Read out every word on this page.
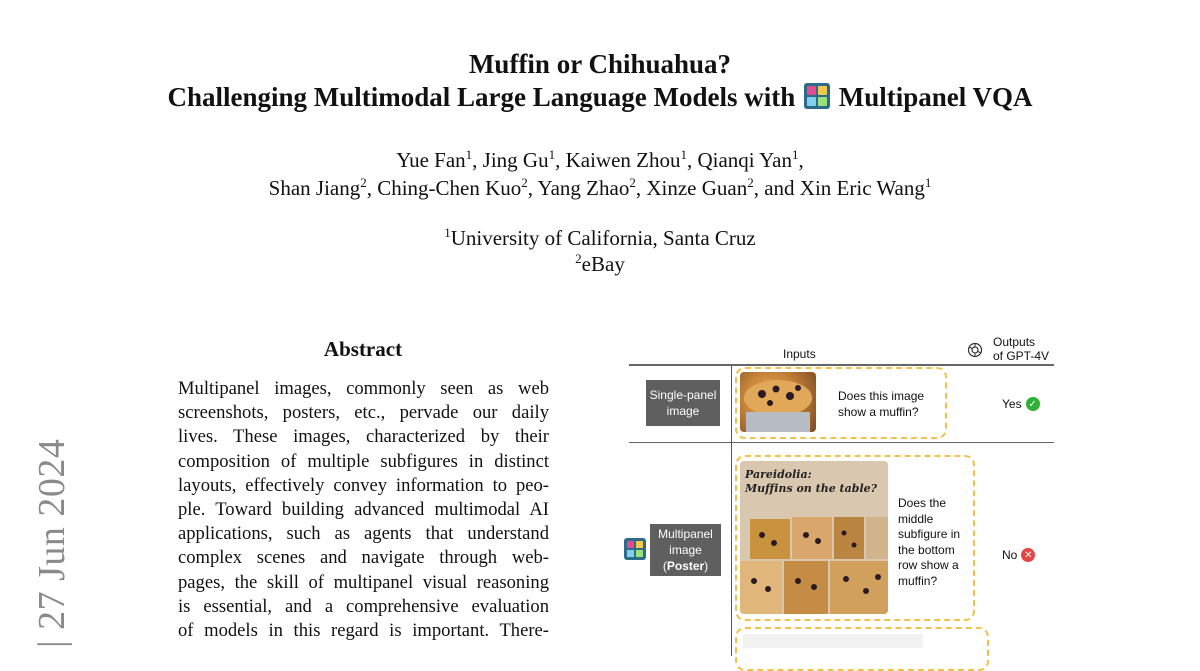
Muffin or Chihuahua?
Challenging Multimodal Large Language Models with Multipanel VQA
Yue Fan$^1$, Jing Gu$^1$, Kaiwen Zhou$^1$, Qianqi Yan$^1$,
Shan Jiang$^2$, Ching-Chen Kuo$^2$, Yang Zhao$^2$, Xinze Guan$^2$, and Xin Eric Wang$^1$
$^1$University of California, Santa Cruz
$^2$eBay
| 27 Jun 2024
Abstract
Multipanel images, commonly seen as web
screenshots, posters, etc., pervade our daily
lives. These images, characterized by their
composition of multiple subfigures in distinct
layouts, effectively convey information to peo-
ple. Toward building advanced multimodal AI
applications, such as agents that understand
complex scenes and navigate through web-
pages, the skill of multipanel visual reasoning
is essential, and a comprehensive evaluation
of models in this regard is important. There-
Inputs
Outputs
of GPT-4V
Single-panel
image
Does this image
show a muffin?
Yes ✓
Multipanel
image
(Poster)
Pareidolia:
Muffins on the table?
Does the
middle
subfigure in
the bottom
row show a
muffin?
No ✕
